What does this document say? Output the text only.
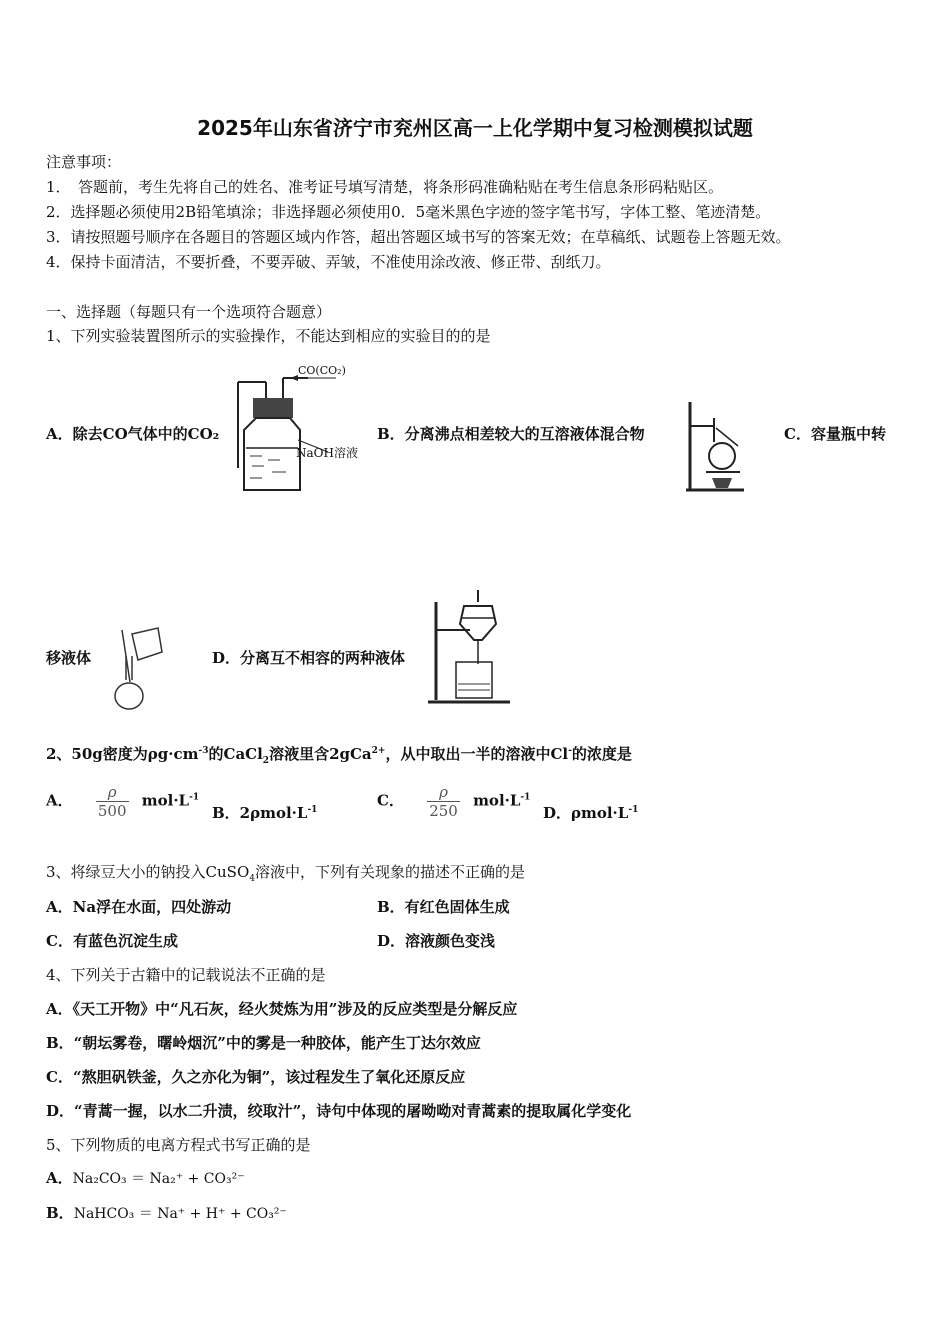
2025年山东省济宁市兖州区高一上化学期中复习检测模拟试题
注意事项：
1．　答题前，考生先将自己的姓名、准考证号填写清楚，将条形码准确粘贴在考生信息条形码粘贴区。
2．选择题必须使用2B铅笔填涂；非选择题必须使用0．5毫米黑色字迹的签字笔书写，字体工整、笔迹清楚。
3．请按照题号顺序在各题目的答题区域内作答，超出答题区域书写的答案无效；在草稿纸、试题卷上答题无效。
4．保持卡面清洁，不要折叠，不要弄破、弄皱，不准使用涂改液、修正带、刮纸刀。
一、选择题（每题只有一个选项符合题意）
1、下列实验装置图所示的实验操作，不能达到相应的实验目的的是
A．除去CO气体中的CO₂
CO(CO₂)
NaOH溶液
B．分离沸点相差较大的互溶液体混合物	C．容量瓶中转
移液体	D．分离互不相容的两种液体
2、50g密度为$\rho g\cdot cm^{-3}$的CaCl$_2$溶液里含2gCa$^{2+}$，从中取出一半的溶液中Cl-的浓度是
A． $\frac{\rho}{500} mol\cdot L^{-1}$
B．$2\rho mol\cdot L^{-1}$
C． $\frac{\rho}{250} mol\cdot L^{-1}$
D．$\rho mol\cdot L^{-1}$
3、将绿豆大小的钠投入CuSO$_4$溶液中，下列有关现象的描述不正确的是
A．Na浮在水面，四处游动	B．有红色固体生成
C．有蓝色沉淀生成	D．溶液颜色变浅
4、下列关于古籍中的记载说法不正确的是
A．《天工开物》中“凡石灰，经火焚炼为用”涉及的反应类型是分解反应
B．“朝坛雾卷，曙岭烟沉”中的雾是一种胶体，能产生丁达尔效应
C．“熬胆矾铁釜，久之亦化为铜”，该过程发生了氧化还原反应
D．“青蒿一握，以水二升渍，绞取汁”，诗句中体现的屠呦呦对青蒿素的提取属化学变化
5、下列物质的电离方程式书写正确的是
A．Na₂CO₃ ＝ Na₂⁺ + CO₃²⁻
B．NaHCO₃ ＝ Na⁺ + H⁺ + CO₃²⁻
